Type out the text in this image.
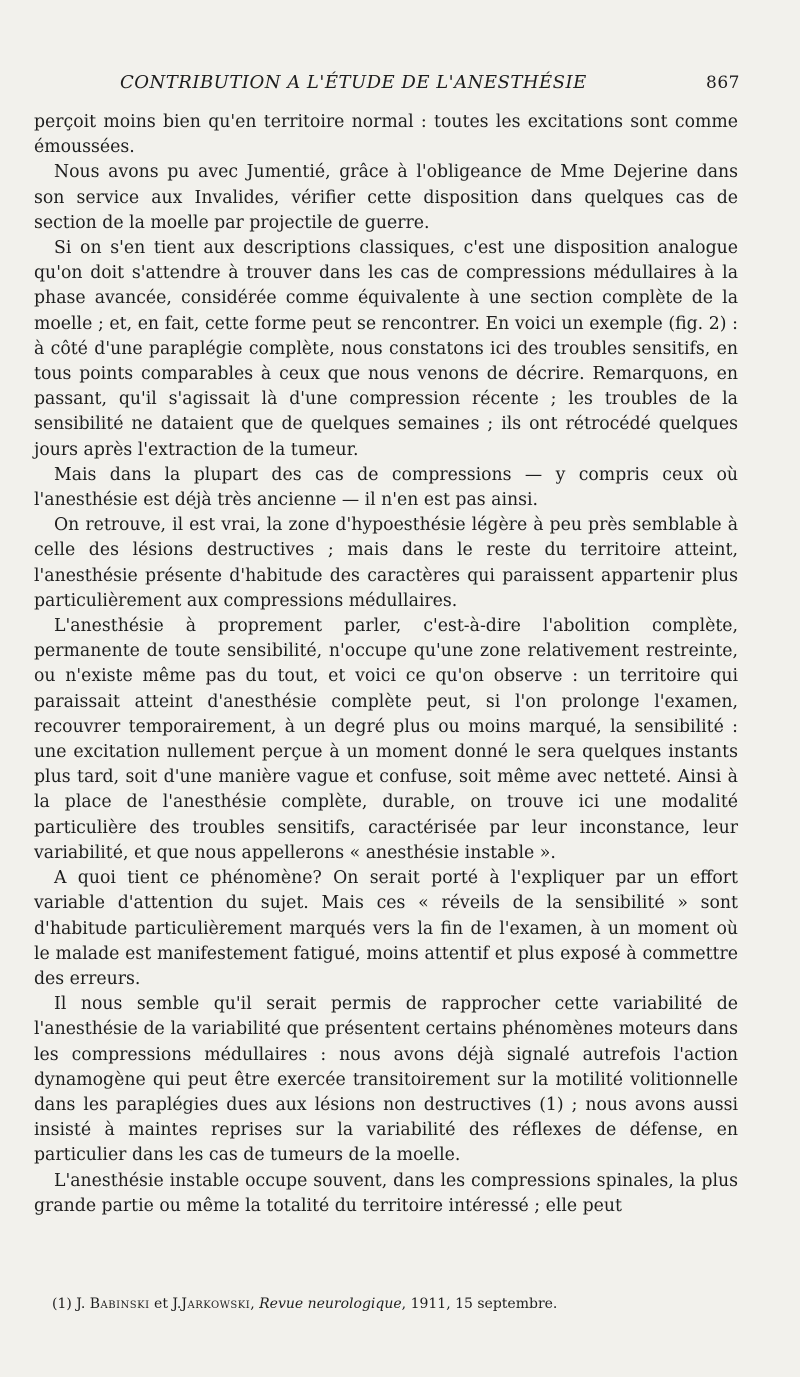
CONTRIBUTION A L'ÉTUDE DE L'ANESTHÉSIE	867

perçoit moins bien qu'en territoire normal : toutes les excitations sont comme émoussées.

Nous avons pu avec Jumentié, grâce à l'obligeance de Mme Dejerine dans son service aux Invalides, vérifier cette disposition dans quelques cas de section de la moelle par projectile de guerre.

Si on s'en tient aux descriptions classiques, c'est une disposition analogue qu'on doit s'attendre à trouver dans les cas de compressions médullaires à la phase avancée, considérée comme équivalente à une section complète de la moelle ; et, en fait, cette forme peut se rencontrer. En voici un exemple (fig. 2) : à côté d'une paraplégie complète, nous constatons ici des troubles sensitifs, en tous points comparables à ceux que nous venons de décrire. Remarquons, en passant, qu'il s'agissait là d'une compression récente ; les troubles de la sensibilité ne dataient que de quelques semaines ; ils ont rétrocédé quelques jours après l'extraction de la tumeur.

Mais dans la plupart des cas de compressions — y compris ceux où l'anesthésie est déjà très ancienne — il n'en est pas ainsi.

On retrouve, il est vrai, la zone d'hypoesthésie légère à peu près semblable à celle des lésions destructives ; mais dans le reste du territoire atteint, l'anesthésie présente d'habitude des caractères qui paraissent appartenir plus particulièrement aux compressions médullaires.

L'anesthésie à proprement parler, c'est-à-dire l'abolition complète, permanente de toute sensibilité, n'occupe qu'une zone relativement restreinte, ou n'existe même pas du tout, et voici ce qu'on observe : un territoire qui paraissait atteint d'anesthésie complète peut, si l'on prolonge l'examen, recouvrer temporairement, à un degré plus ou moins marqué, la sensibilité : une excitation nullement perçue à un moment donné le sera quelques instants plus tard, soit d'une manière vague et confuse, soit même avec netteté. Ainsi à la place de l'anesthésie complète, durable, on trouve ici une modalité particulière des troubles sensitifs, caractérisée par leur inconstance, leur variabilité, et que nous appellerons « anesthésie instable ».

A quoi tient ce phénomène? On serait porté à l'expliquer par un effort variable d'attention du sujet. Mais ces « réveils de la sensibilité » sont d'habitude particulièrement marqués vers la fin de l'examen, à un moment où le malade est manifestement fatigué, moins attentif et plus exposé à commettre des erreurs.

Il nous semble qu'il serait permis de rapprocher cette variabilité de l'anesthésie de la variabilité que présentent certains phénomènes moteurs dans les compressions médullaires : nous avons déjà signalé autrefois l'action dynamogène qui peut être exercée transitoirement sur la motilité volitionnelle dans les paraplégies dues aux lésions non destructives (1) ; nous avons aussi insisté à maintes reprises sur la variabilité des réflexes de défense, en particulier dans les cas de tumeurs de la moelle.

L'anesthésie instable occupe souvent, dans les compressions spinales, la plus grande partie ou même la totalité du territoire intéressé ; elle peut

(1) J. Babinski et J.Jarkowski, Revue neurologique, 1911, 15 septembre.
